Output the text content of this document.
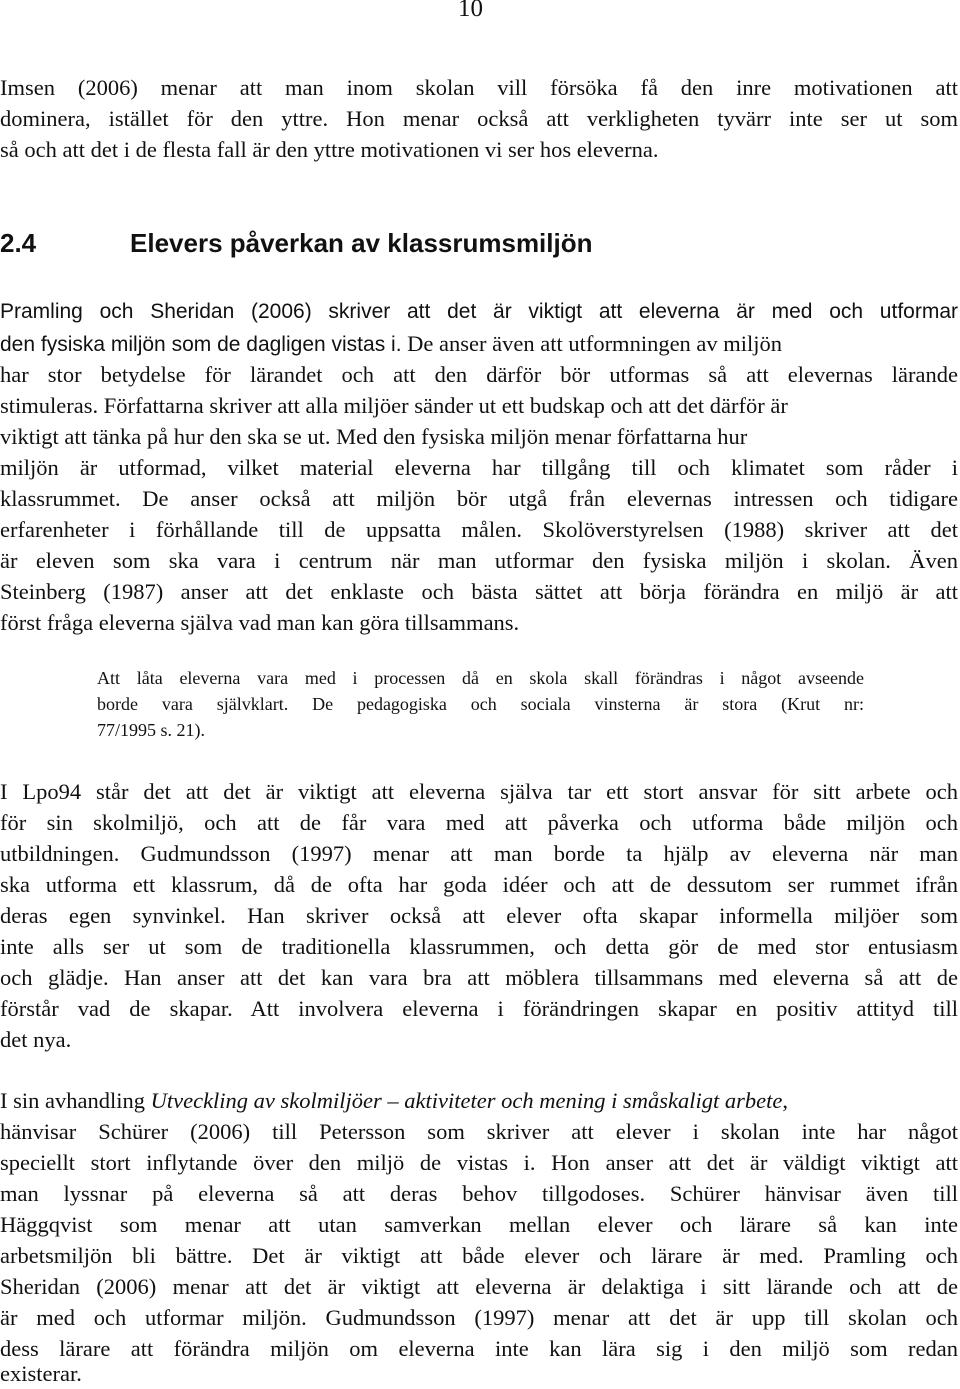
10
Imsen (2006) menar att man inom skolan vill försöka få den inre motivationen att
dominera, istället för den yttre. Hon menar också att verkligheten tyvärr inte ser ut som
så och att det i de flesta fall är den yttre motivationen vi ser hos eleverna.
2.4	Elevers påverkan av klassrumsmiljön
Pramling och Sheridan (2006) skriver att det är viktigt att eleverna är med och utformar
den fysiska miljön som de dagligen vistas i. De anser även att utformningen av miljön
har stor betydelse för lärandet och att den därför bör utformas så att elevernas lärande
stimuleras. Författarna skriver att alla miljöer sänder ut ett budskap och att det därför är
viktigt att tänka på hur den ska se ut. Med den fysiska miljön menar författarna hur
miljön är utformad, vilket material eleverna har tillgång till och klimatet som råder i
klassrummet. De anser också att miljön bör utgå från elevernas intressen och tidigare
erfarenheter i förhållande till de uppsatta målen. Skolöverstyrelsen (1988) skriver att det
är eleven som ska vara i centrum när man utformar den fysiska miljön i skolan. Även
Steinberg (1987) anser att det enklaste och bästa sättet att börja förändra en miljö är att
först fråga eleverna själva vad man kan göra tillsammans.
Att låta eleverna vara med i processen då en skola skall förändras i något avseende
borde vara självklart. De pedagogiska och sociala vinsterna är stora (Krut nr:
77/1995 s. 21).
I Lpo94 står det att det är viktigt att eleverna själva tar ett stort ansvar för sitt arbete och
för sin skolmiljö, och att de får vara med att påverka och utforma både miljön och
utbildningen. Gudmundsson (1997) menar att man borde ta hjälp av eleverna när man
ska utforma ett klassrum, då de ofta har goda idéer och att de dessutom ser rummet ifrån
deras egen synvinkel. Han skriver också att elever ofta skapar informella miljöer som
inte alls ser ut som de traditionella klassrummen, och detta gör de med stor entusiasm
och glädje. Han anser att det kan vara bra att möblera tillsammans med eleverna så att de
förstår vad de skapar. Att involvera eleverna i förändringen skapar en positiv attityd till
det nya.
I sin avhandling Utveckling av skolmiljöer – aktiviteter och mening i småskaligt arbete,
hänvisar Schürer (2006) till Petersson som skriver att elever i skolan inte har något
speciellt stort inflytande över den miljö de vistas i. Hon anser att det är väldigt viktigt att
man lyssnar på eleverna så att deras behov tillgodoses. Schürer hänvisar även till
Häggqvist som menar att utan samverkan mellan elever och lärare så kan inte
arbetsmiljön bli bättre. Det är viktigt att både elever och lärare är med. Pramling och
Sheridan (2006) menar att det är viktigt att eleverna är delaktiga i sitt lärande och att de
är med och utformar miljön. Gudmundsson (1997) menar att det är upp till skolan och
dess lärare att förändra miljön om eleverna inte kan lära sig i den miljö som redan
existerar.
